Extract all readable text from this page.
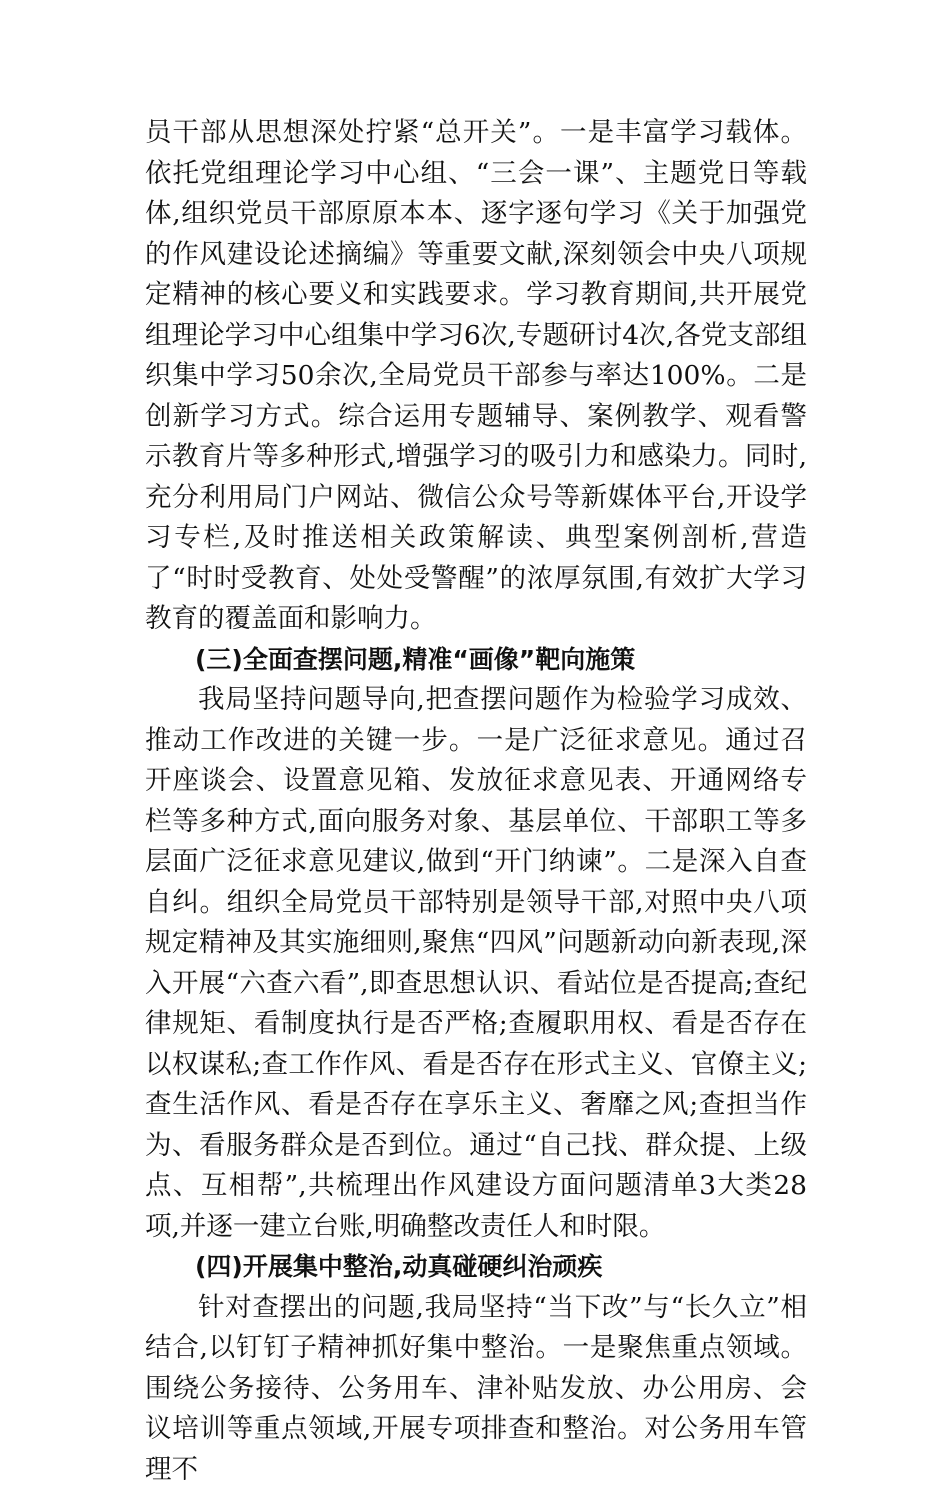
员干部从思想深处拧紧“总开关”。一是丰富学习载体。依托党组理论学习中心组、“三会一课”、主题党日等载体,组织党员干部原原本本、逐字逐句学习《关于加强党的作风建设论述摘编》等重要文献,深刻领会中央八项规定精神的核心要义和实践要求。学习教育期间,共开展党组理论学习中心组集中学习6次,专题研讨4次,各党支部组织集中学习50余次,全局党员干部参与率达100%。二是创新学习方式。综合运用专题辅导、案例教学、观看警示教育片等多种形式,增强学习的吸引力和感染力。同时,充分利用局门户网站、微信公众号等新媒体平台,开设学习专栏,及时推送相关政策解读、典型案例剖析,营造了“时时受教育、处处受警醒”的浓厚氛围,有效扩大学习教育的覆盖面和影响力。

(三)全面查摆问题,精准“画像”靶向施策

我局坚持问题导向,把查摆问题作为检验学习成效、推动工作改进的关键一步。一是广泛征求意见。通过召开座谈会、设置意见箱、发放征求意见表、开通网络专栏等多种方式,面向服务对象、基层单位、干部职工等多层面广泛征求意见建议,做到“开门纳谏”。二是深入自查自纠。组织全局党员干部特别是领导干部,对照中央八项规定精神及其实施细则,聚焦“四风”问题新动向新表现,深入开展“六查六看”,即查思想认识、看站位是否提高;查纪律规矩、看制度执行是否严格;查履职用权、看是否存在以权谋私;查工作作风、看是否存在形式主义、官僚主义;查生活作风、看是否存在享乐主义、奢靡之风;查担当作为、看服务群众是否到位。通过“自己找、群众提、上级点、互相帮”,共梳理出作风建设方面问题清单3大类28项,并逐一建立台账,明确整改责任人和时限。

(四)开展集中整治,动真碰硬纠治顽疾

针对查摆出的问题,我局坚持“当下改”与“长久立”相结合,以钉钉子精神抓好集中整治。一是聚焦重点领域。围绕公务接待、公务用车、津补贴发放、办公用房、会议培训等重点领域,开展专项排查和整治。对公务用车管理不
